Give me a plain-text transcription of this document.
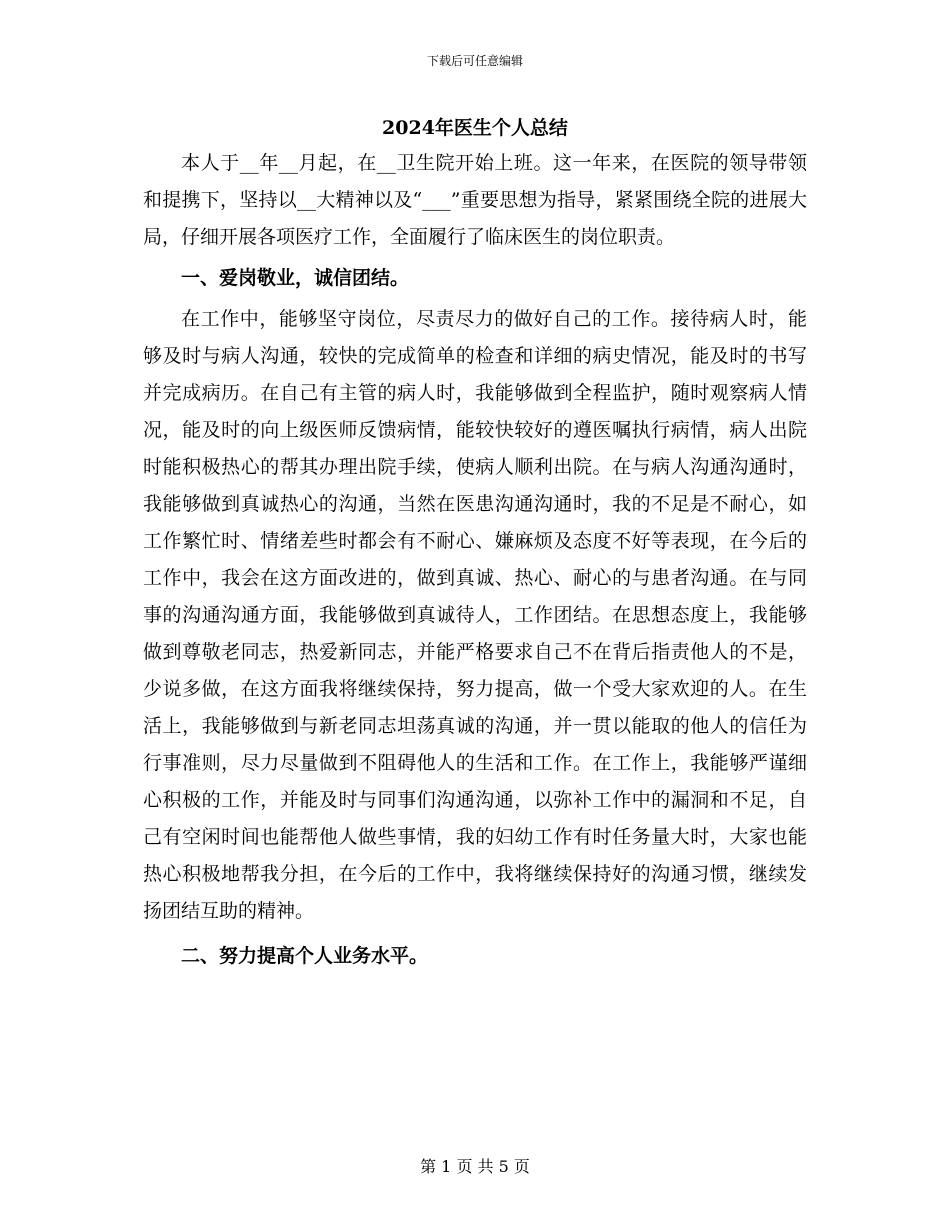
下载后可任意编辑
2024年医生个人总结

本人于__年__月起，在__卫生院开始上班。这一年来，在医院的领导带领和提携下，坚持以__大精神以及“___”重要思想为指导，紧紧围绕全院的进展大局，仔细开展各项医疗工作，全面履行了临床医生的岗位职责。

一、爱岗敬业，诚信团结。

在工作中，能够坚守岗位，尽责尽力的做好自己的工作。接待病人时，能够及时与病人沟通，较快的完成简单的检查和详细的病史情况，能及时的书写并完成病历。在自己有主管的病人时，我能够做到全程监护，随时观察病人情况，能及时的向上级医师反馈病情，能较快较好的遵医嘱执行病情，病人出院时能积极热心的帮其办理出院手续，使病人顺利出院。在与病人沟通沟通时，我能够做到真诚热心的沟通，当然在医患沟通沟通时，我的不足是不耐心，如工作繁忙时、情绪差些时都会有不耐心、嫌麻烦及态度不好等表现，在今后的工作中，我会在这方面改进的，做到真诚、热心、耐心的与患者沟通。在与同事的沟通沟通方面，我能够做到真诚待人，工作团结。在思想态度上，我能够做到尊敬老同志，热爱新同志，并能严格要求自己不在背后指责他人的不是，少说多做，在这方面我将继续保持，努力提高，做一个受大家欢迎的人。在生活上，我能够做到与新老同志坦荡真诚的沟通，并一贯以能取的他人的信任为行事准则，尽力尽量做到不阻碍他人的生活和工作。在工作上，我能够严谨细心积极的工作，并能及时与同事们沟通沟通，以弥补工作中的漏洞和不足，自己有空闲时间也能帮他人做些事情，我的妇幼工作有时任务量大时，大家也能热心积极地帮我分担，在今后的工作中，我将继续保持好的沟通习惯，继续发扬团结互助的精神。

二、努力提高个人业务水平。

第 1 页 共 5 页
